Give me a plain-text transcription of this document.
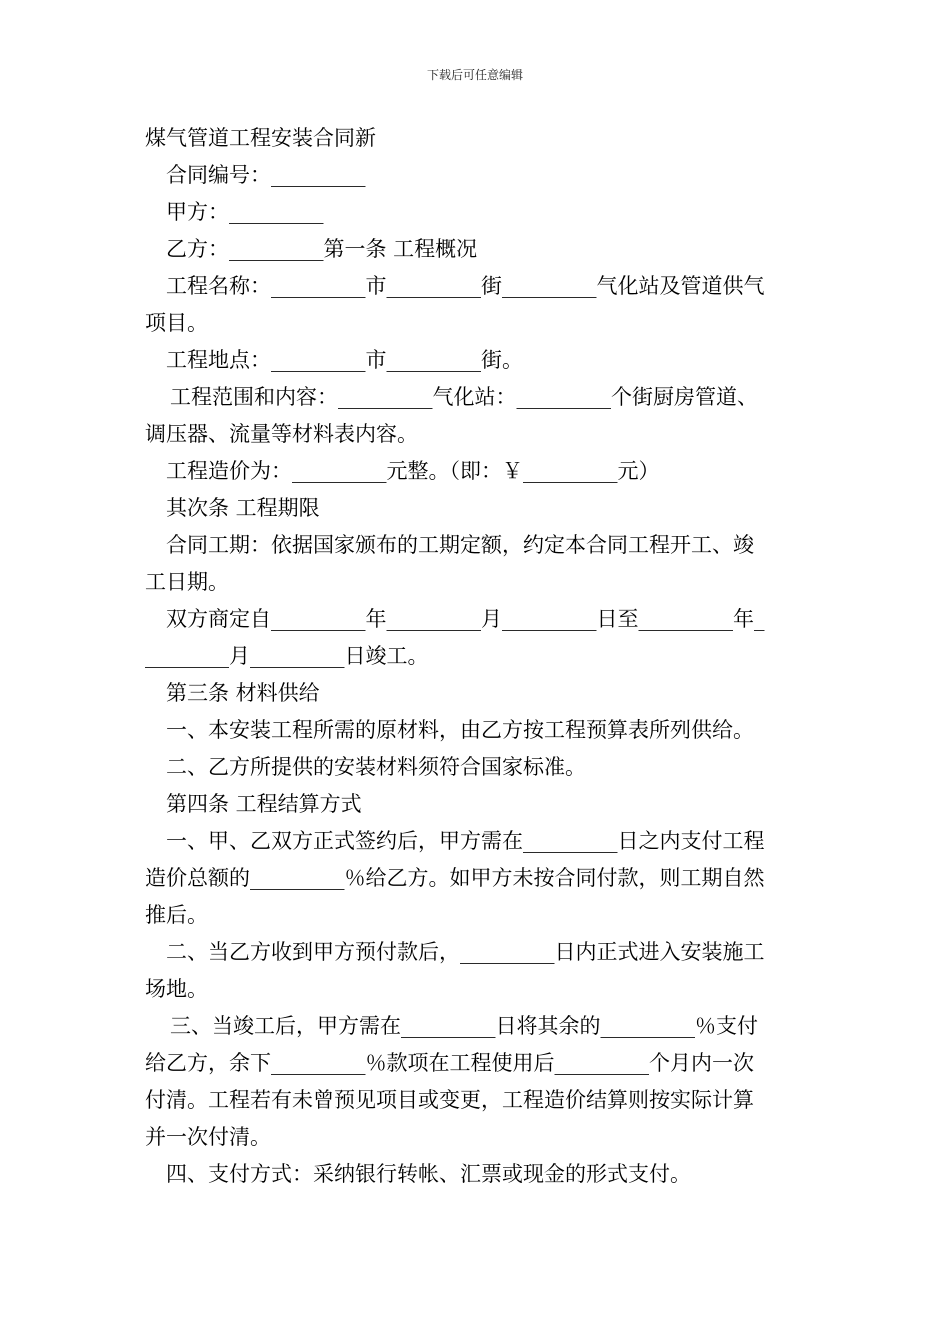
下载后可任意编辑
煤气管道工程安装合同新
合同编号：_________
甲方：_________
乙方：_________第一条 工程概况
工程名称：_________市_________街_________气化站及管道供气
项目。
工程地点：_________市_________街。
工程范围和内容：_________气化站：_________个街厨房管道、
调压器、流量等材料表内容。
工程造价为：_________元整。（即：￥_________元）
其次条 工程期限
合同工期：依据国家颁布的工期定额，约定本合同工程开工、竣
工日期。
双方商定自_________年_________月_________日至_________年_
________月_________日竣工。
第三条 材料供给
一、本安装工程所需的原材料，由乙方按工程预算表所列供给。
二、乙方所提供的安装材料须符合国家标准。
第四条 工程结算方式
一、甲、乙双方正式签约后，甲方需在_________日之内支付工程
造价总额的_________％给乙方。如甲方未按合同付款，则工期自然
推后。
二、当乙方收到甲方预付款后，_________日内正式进入安装施工
场地。
三、当竣工后，甲方需在_________日将其余的_________％支付
给乙方，余下_________％款项在工程使用后_________个月内一次
付清。工程若有未曾预见项目或变更，工程造价结算则按实际计算
并一次付清。
四、支付方式：采纳银行转帐、汇票或现金的形式支付。
